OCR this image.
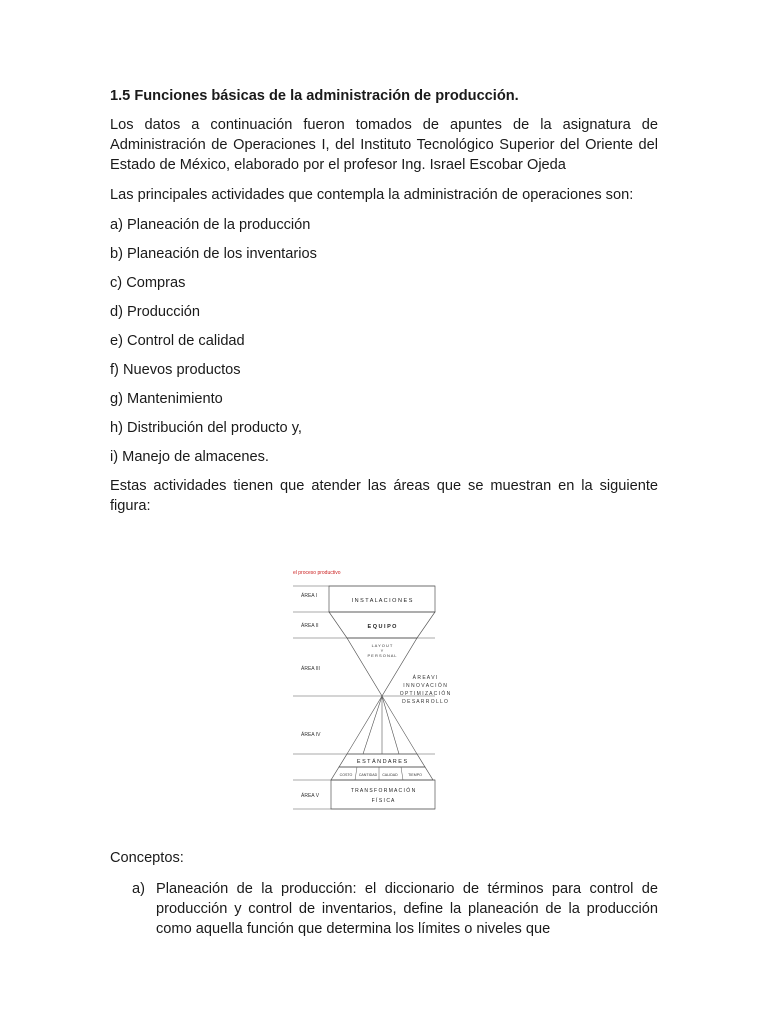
1.5 Funciones básicas de la administración de producción.

Los datos a continuación fueron tomados de apuntes de la asignatura de Administración de Operaciones I, del Instituto Tecnológico Superior del Oriente del Estado de México, elaborado por el profesor Ing. Israel Escobar Ojeda

Las principales actividades que contempla la administración de operaciones son:

a) Planeación de la producción

b) Planeación de los inventarios

c) Compras

d) Producción

e) Control de calidad

f) Nuevos productos

g) Mantenimiento

h) Distribución del producto y,

i) Manejo de almacenes.

Estas actividades tienen que atender las áreas que se muestran en la siguiente figura:

el proceso productivo
ÁREA I
ÁREA II
ÁREA III
ÁREA IV
ÁREA V
I N S T A L A C I O N E S
E Q U I P O
L A Y O U T
Y
P E R S O N A L
Á R E A V I
I N N O V A C I Ó N
O P T I M I Z A C I Ó N
D E S A R R O L L O
E S T Á N D A R E S
COSTO CANTIDAD CALIDAD	TIEMPO
T R A N S F O R M A C I Ó N
F Í S I C A
Conceptos:
a) Planeación de la producción: el diccionario de términos para control de producción y control de inventarios, define la planeación de la producción como aquella función que determina los límites o niveles que
